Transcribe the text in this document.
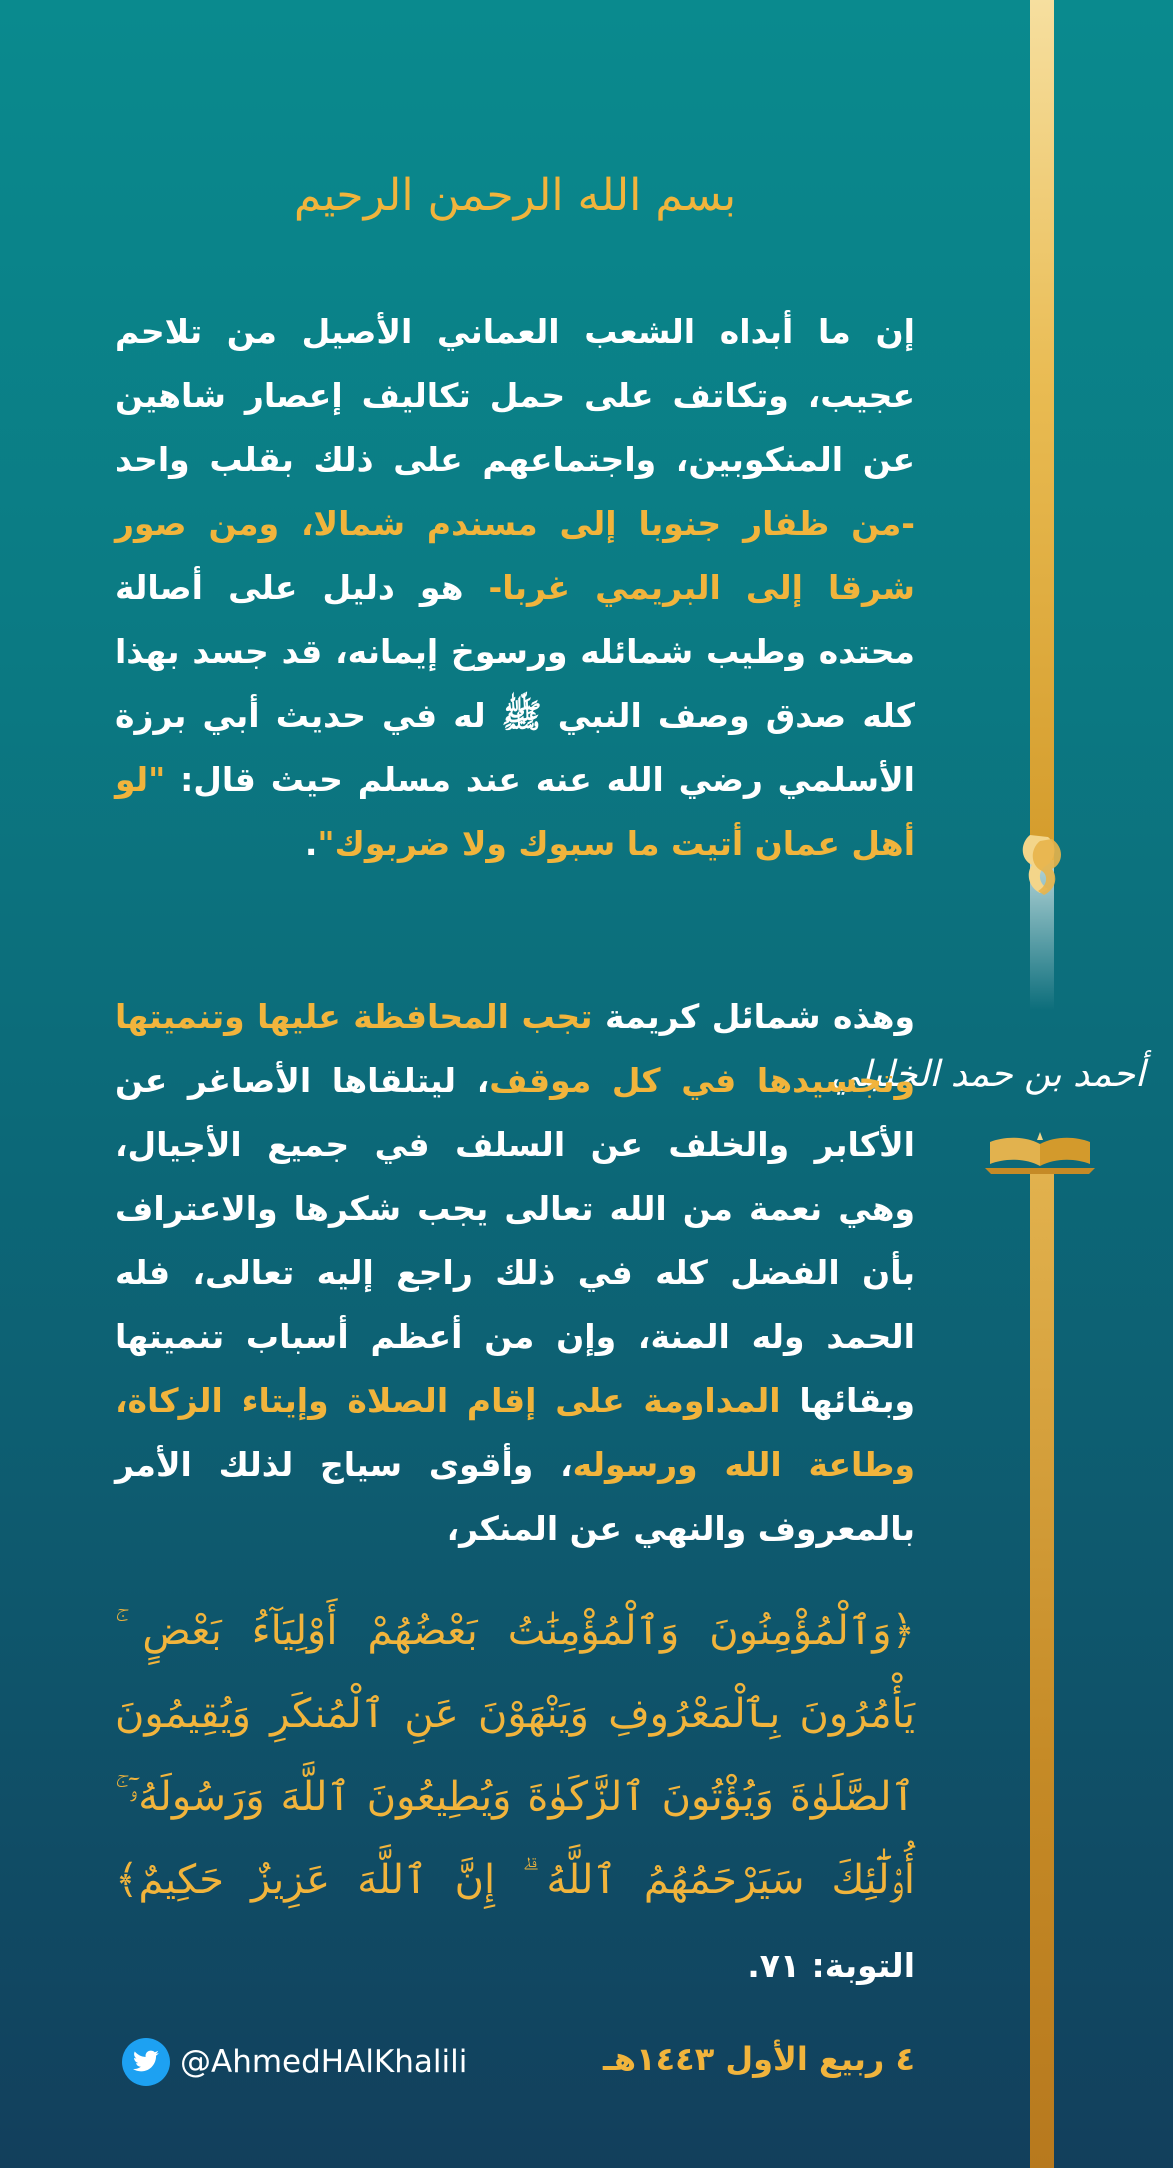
أحمد بن حمد الخليلي
بسم الله الرحمن الرحيم
إن ما أبداه الشعب العماني الأصيل من تلاحم عجيب، وتكاتف على حمل تكاليف إعصار شاهين عن المنكوبين، واجتماعهم على ذلك بقلب واحد -من ظفار جنوبا إلى مسندم شمالا، ومن صور شرقا إلى البريمي غربا- هو دليل على أصالة محتده وطيب شمائله ورسوخ إيمانه، قد جسد بهذا كله صدق وصف النبي ﷺ له في حديث أبي برزة الأسلمي رضي الله عنه عند مسلم حيث قال: "لو أهل عمان أتيت ما سبوك ولا ضربوك".
وهذه شمائل كريمة تجب المحافظة عليها وتنميتها وتجسيدها في كل موقف، ليتلقاها الأصاغر عن الأكابر والخلف عن السلف في جميع الأجيال، وهي نعمة من الله تعالى يجب شكرها والاعتراف بأن الفضل كله في ذلك راجع إليه تعالى، فله الحمد وله المنة، وإن من أعظم أسباب تنميتها وبقائها المداومة على إقام الصلاة وإيتاء الزكاة، وطاعة الله ورسوله، وأقوى سياج لذلك الأمر بالمعروف والنهي عن المنكر،
﴿وَٱلْمُؤْمِنُونَ وَٱلْمُؤْمِنَٰتُ بَعْضُهُمْ أَوْلِيَآءُ بَعْضٍ ۚ يَأْمُرُونَ بِٱلْمَعْرُوفِ وَيَنْهَوْنَ عَنِ ٱلْمُنكَرِ وَيُقِيمُونَ ٱلصَّلَوٰةَ وَيُؤْتُونَ ٱلزَّكَوٰةَ وَيُطِيعُونَ ٱللَّهَ وَرَسُولَهُۥٓ ۚ أُو۟لَٰٓئِكَ سَيَرْحَمُهُمُ ٱللَّهُ ۗ إِنَّ ٱللَّهَ عَزِيزٌ حَكِيمٌ﴾ التوبة: ٧١.
٤ ربيع الأول ١٤٤٣هـ
@AhmedHAlKhalili
